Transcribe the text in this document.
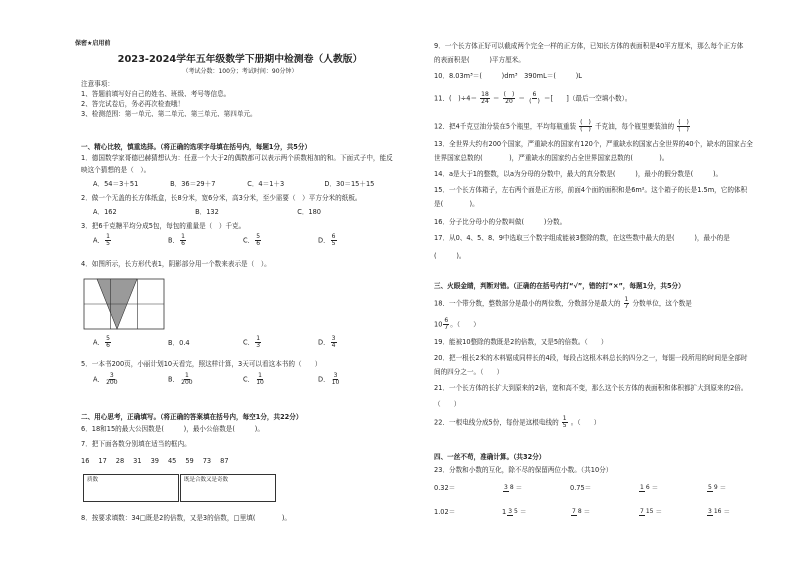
保密★启用前
2023-2024学年五年级数学下册期中检测卷（人教版）
（考试分数：100分；考试时间：90分钟）
注意事项：
1、答题前填写好自己的姓名、班级、考号等信息。
2、答完试卷后，务必再次检查哦！
3、检测范围：第一单元、第二单元、第三单元、第四单元。
一、精心比较，慎重选择。（将正确的选项字母填在括号内，每题1分，共5分）
1．德国数学家哥德巴赫猜想认为：任意一个大于2的偶数都可以表示两个质数相加的和。下面式子中，能反
映这个猜想的是（　）。
A．54＝3＋51	B．36＝29＋7	C．4＝1＋3	D．30＝15＋15
2．做一个无盖的长方体纸盒，长8分米，宽6分米，高3分米，至少需要（　）平方分米的纸板。
A．162	B．132	C．180
3．把6千克糖平均分成5包，每包的重量是（　）千克。
A． $\frac{1}{5}$	B． $\frac{1}{6}$	C． $\frac{5}{6}$	D． $\frac{6}{5}$
4．如图所示，长方形代表1，阴影部分用一个数来表示是（　）。
A． $\frac{5}{6}$	B．0.4	C． $\frac{1}{3}$	D． $\frac{3}{4}$
5．一本书200页，小丽计划10天看完，照这样计算，3天可以看这本书的（　　）
A． $\frac{3}{200}$	B． $\frac{1}{200}$	C． $\frac{1}{10}$	D． $\frac{3}{10}$
二、用心思考，正确填写。（将正确的答案填在括号内，每空1分，共22分）
6．18和15的最大公因数是(　　　)，最小公倍数是(　　　)。
7．把下面各数分别填在适当的框内。
16 17 28 31 39 45 59 73 87
质数	既是合数又是奇数
8．按要求填数：34□既是2的倍数，又是3的倍数，□里填(　　　　)。
9．一个长方体正好可以截成两个完全一样的正方体，已知长方体的表面积是40平方厘米，那么每个正方体
的表面积是(　　　)平方厘米。
10．8.03m³＝(　　　)dm³　390mL＝(　　　)L
11．(　)$\div 4= \frac{18}{24} = \frac{( )}{20} = \frac{6}{( )}$ ＝[　　]（最后一空填小数）。
12．把4千克豆油分装在5个瓶里，平均每瓶重装 $\frac{( )}{( )}$ 千克油，每个瓶里要装油的 $\frac{( )}{( )}$
13．全世界大约有200个国家，严重缺水的国家有120个，严重缺水的国家占全世界的40个，缺水的国家占全
世界国家总数的(　　　　)，严重缺水的国家约占全世界国家总数的(　　　　)。
14．a是大于1的整数，以a为分母的分数中，最大的真分数是(　　　)，最小的假分数是(　　　)。
15．一个长方体箱子，左右两个面是正方形，前面4个面的面积和是6m²。这个箱子的长是1.5m，它的体积
是(　　　　)。
16．分子比分母小的分数叫做(　　　)分数。
17．从0、4、5、8、9中选取三个数字组成能被3整除的数，在这些数中最大的是(　　　)，最小的是
(　　　)。
三、火眼金睛，判断对错。（正确的在括号内打“√”，错的打“×”，每题1分，共5分）
18．一个带分数，整数部分是最小的两位数，分数部分是最大的 $\frac{1}{7}$ 分数单位，这个数是
$10 \frac{6}{7}$ 。（　　）
19．能被10整除的数既是2的倍数，又是5的倍数。（　　）
20．把一根长2米的木料锯成同样长的4段，每段占这根木料总长的四分之一，每锯一段所用的时间是全部时
间的四分之一。（　　）
21．一个长方体的长扩大到原来的2倍，宽和高不变，那么这个长方体的表面积和体积都扩大到原来的2倍。
（　　）
22．一根电线分成5份，每份是这根电线的 $\frac{1}{5}$ 。（　　）
四、一丝不苟，准确计算。（共32分）
23．分数和小数的互化，除不尽的保留两位小数。（共10分）
0.32＝	3 8 ＝	0.75＝	1 6 ＝	5 9 ＝
1.02＝	1 3 5 ＝	7 8 ＝	7 15 ＝	3 16 ＝
